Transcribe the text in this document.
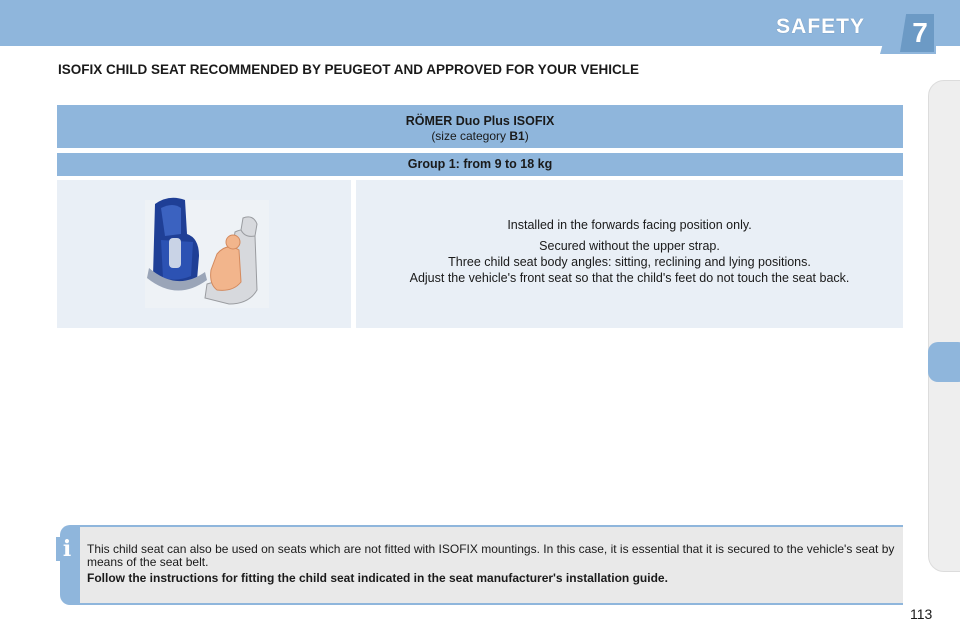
SAFETY 7
ISOFIX CHILD SEAT RECOMMENDED BY PEUGEOT AND APPROVED FOR YOUR VEHICLE
RÖMER Duo Plus ISOFIX
(size category B1)
Group 1: from 9 to 18 kg
Installed in the forwards facing position only.
Secured without the upper strap.
Three child seat body angles: sitting, reclining and lying positions.
Adjust the vehicle's front seat so that the child's feet do not touch the seat back.
i	This child seat can also be used on seats which are not fitted with ISOFIX mountings. In this case, it is essential that it is secured to the vehicle's seat by means of the seat belt.
Follow the instructions for fitting the child seat indicated in the seat manufacturer's installation guide.
113
